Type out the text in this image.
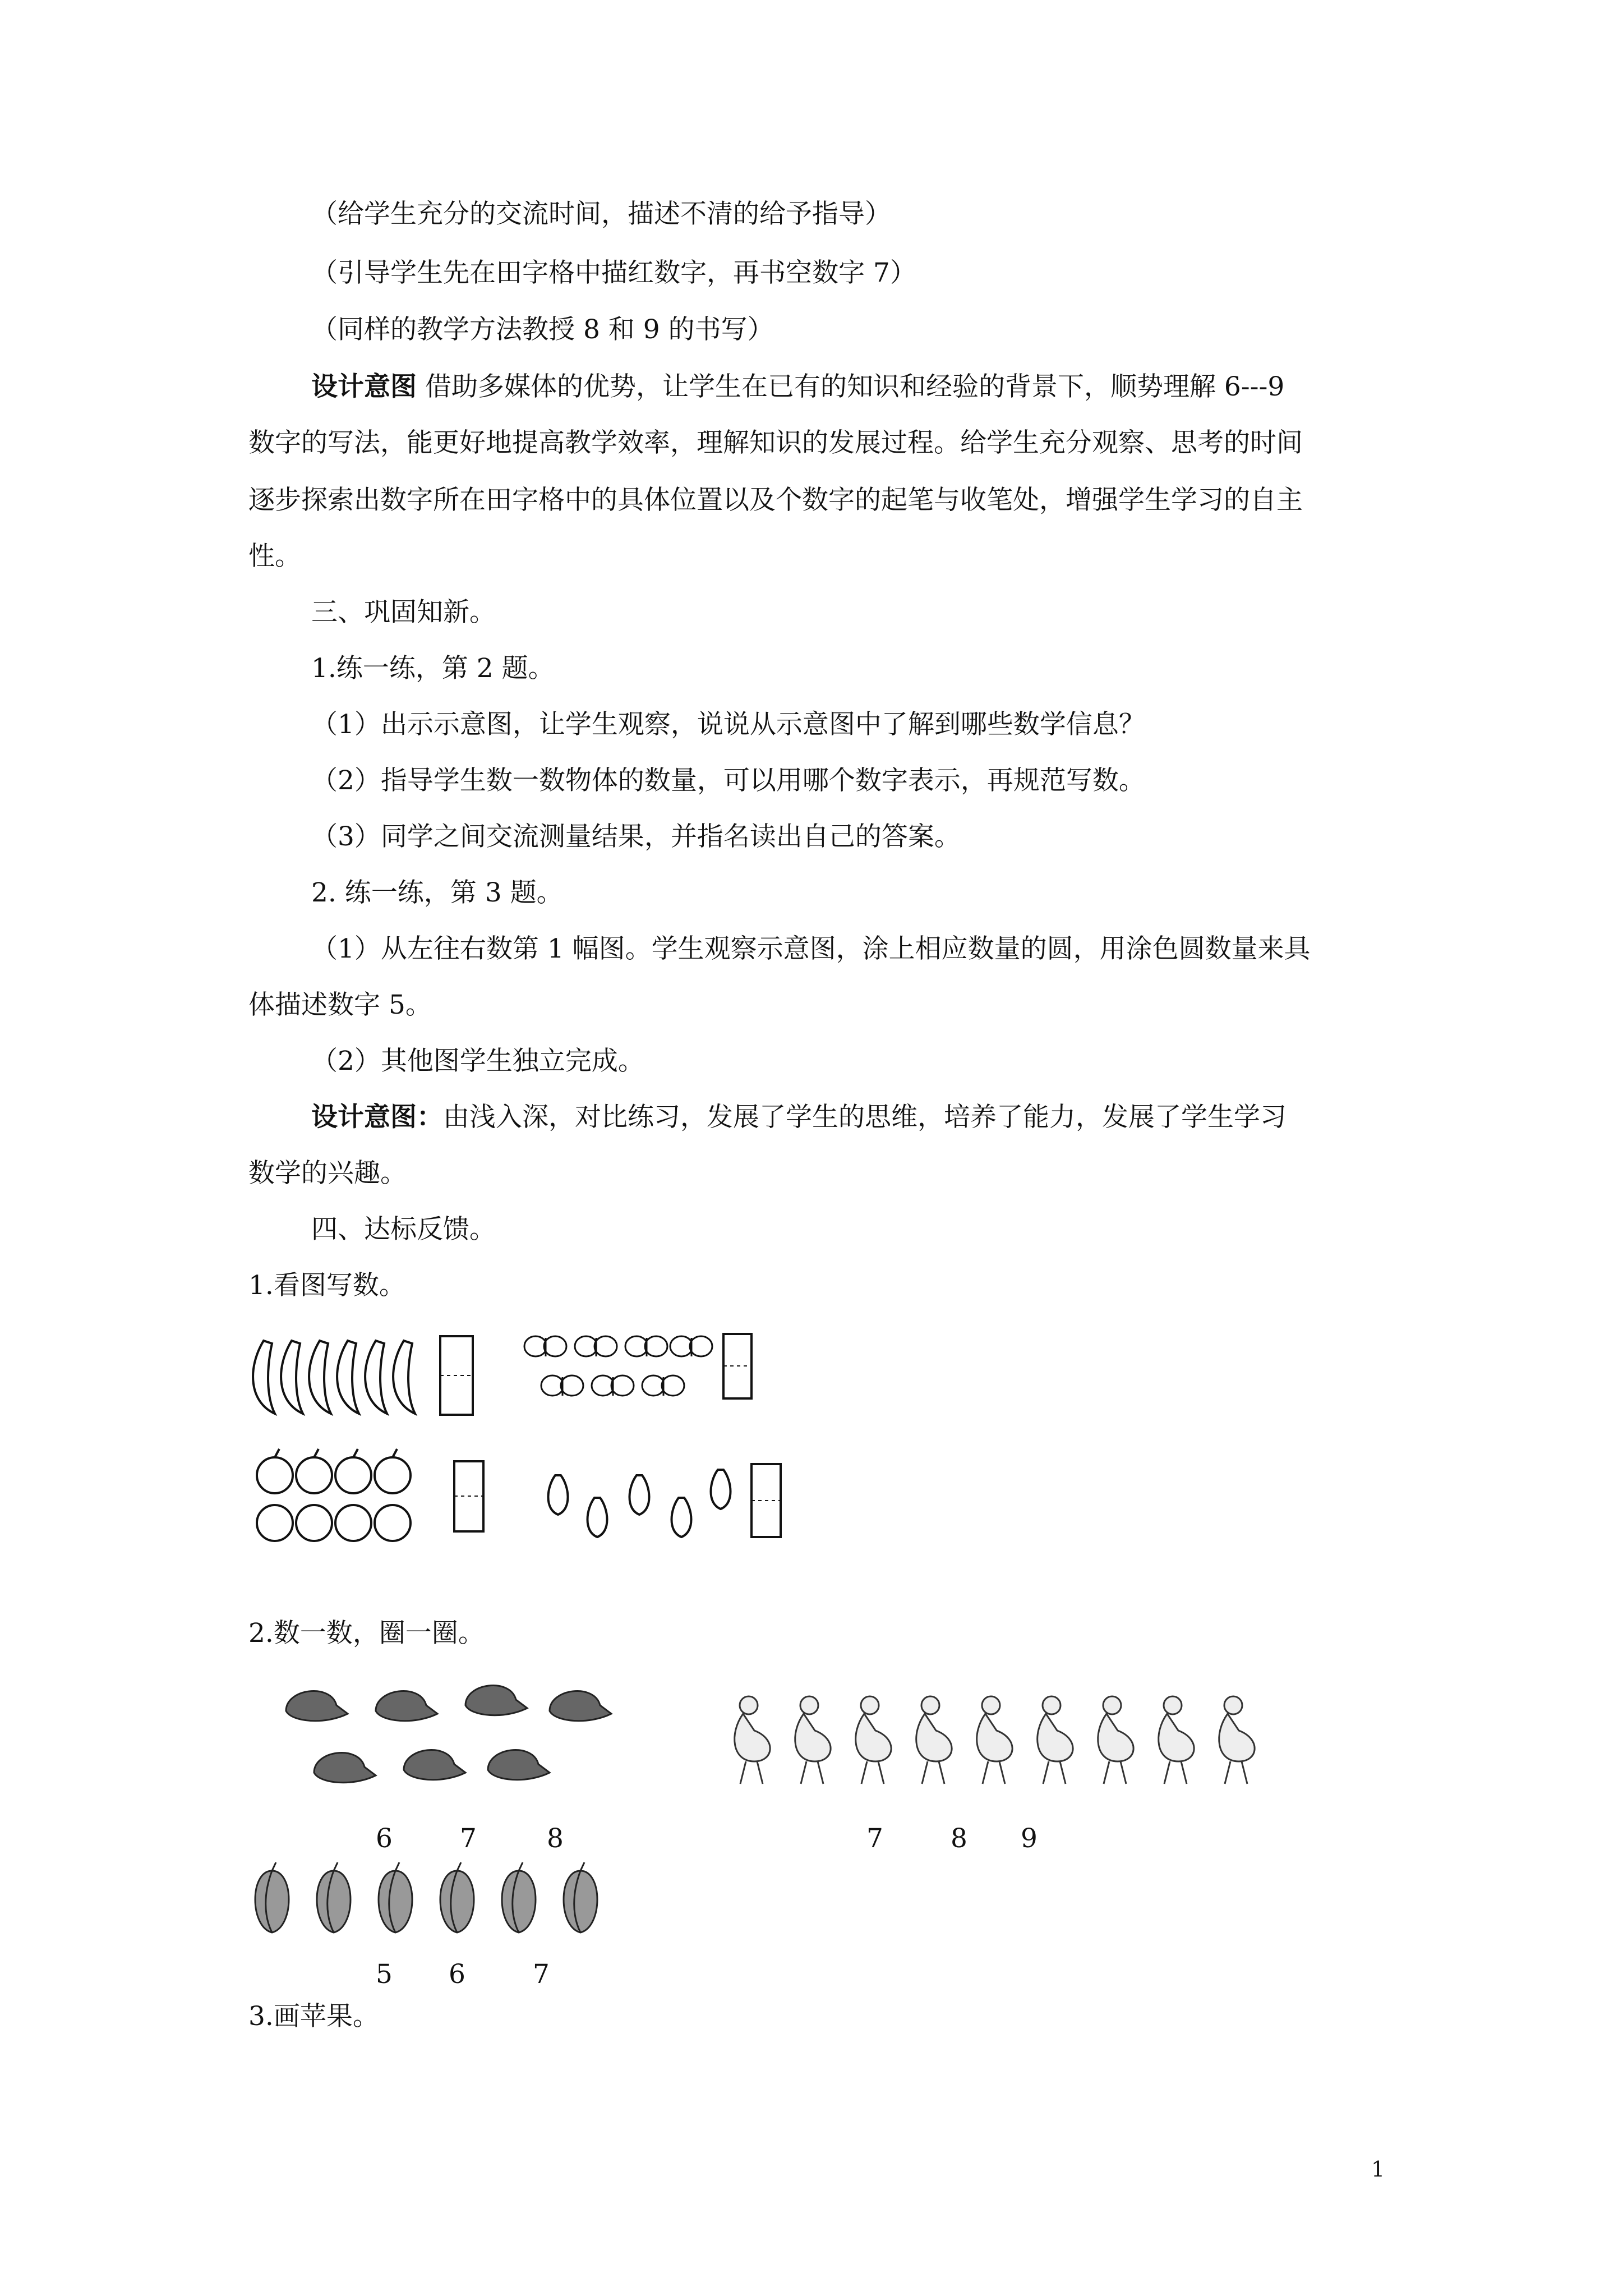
（给学生充分的交流时间，描述不清的给予指导）
（引导学生先在田字格中描红数字，再书空数字 7）
（同样的教学方法教授 8 和 9 的书写）
设计意图 借助多媒体的优势，让学生在已有的知识和经验的背景下，顺势理解 6---9
数字的写法，能更好地提高教学效率，理解知识的发展过程。给学生充分观察、思考的时间
逐步探索出数字所在田字格中的具体位置以及个数字的起笔与收笔处，增强学生学习的自主
性。
三、巩固知新。
1.练一练，第 2 题。
（1）出示示意图，让学生观察，说说从示意图中了解到哪些数学信息？
（2）指导学生数一数物体的数量，可以用哪个数字表示，再规范写数。
（3）同学之间交流测量结果，并指名读出自己的答案。
2. 练一练，第 3 题。
（1）从左往右数第 1 幅图。学生观察示意图，涂上相应数量的圆，用涂色圆数量来具
体描述数字 5。
（2）其他图学生独立完成。
设计意图：由浅入深，对比练习，发展了学生的思维，培养了能力，发展了学生学习
数学的兴趣。
四、达标反馈。
1.看图写数。
2.数一数，圈一圈。
6	7	8	7	8 9
5 6	7
3.画苹果。
1
